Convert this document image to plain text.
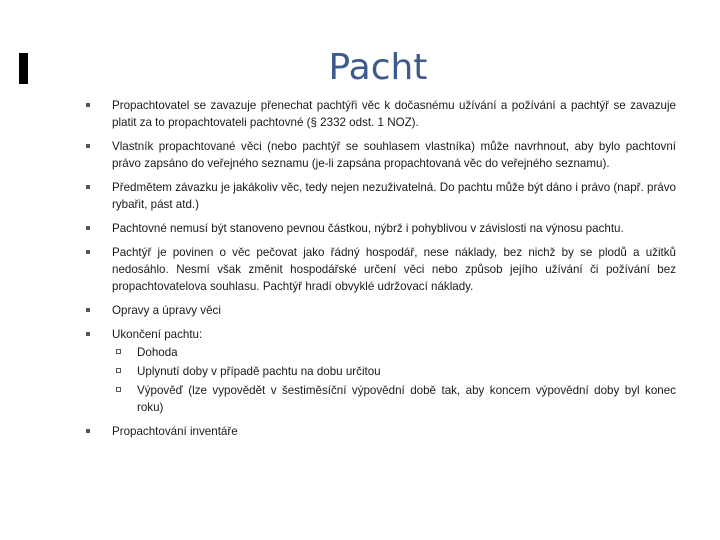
Pacht
Propachtovatel se zavazuje přenechat pachtýři věc k dočasnému užívání a požívání a pachtýř se zavazuje platit za to propachtovateli pachtovné (§ 2332 odst. 1 NOZ).
Vlastník propachtované věci (nebo pachtýř se souhlasem vlastníka) může navrhnout, aby bylo pachtovní právo zapsáno do veřejného seznamu (je-li zapsána propachtovaná věc do veřejného seznamu).
Předmětem závazku je jakákoliv věc, tedy nejen nezuživatelná. Do pachtu může být dáno i právo (např. právo rybařit, pást atd.)
Pachtovné nemusí být stanoveno pevnou částkou, nýbrž i pohyblivou v závislosti na výnosu pachtu.
Pachtýř je povinen o věc pečovat jako řádný hospodář, nese náklady, bez nichž by se plodů a užitků nedosáhlo. Nesmí však změnit hospodářské určení věci nebo způsob jejího užívání či požívání bez propachtovatelova souhlasu. Pachtýř hradí obvyklé udržovací náklady.
Opravy a úpravy věci
Ukončení pachtu:
Dohoda
Uplynutí doby v případě pachtu na dobu určitou
Výpověď (lze vypovědět v šestiměsíční výpovědní době tak, aby koncem výpovědní doby byl konec roku)
Propachtování inventáře
